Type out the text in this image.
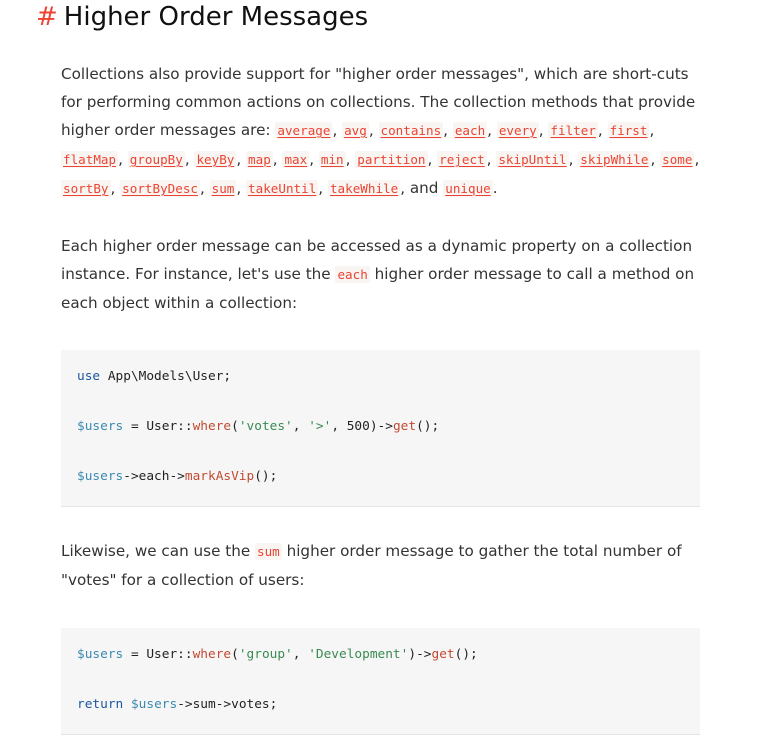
# Higher Order Messages
Collections also provide support for "higher order messages", which are short-cuts for performing common actions on collections. The collection methods that provide higher order messages are: average , avg , contains , each , every , filter , first , flatMap , groupBy , keyBy , map , max , min , partition , reject , skipUntil , skipWhile , some , sortBy , sortByDesc , sum , takeUntil , takeWhile , and unique .
Each higher order message can be accessed as a dynamic property on a collection instance. For instance, let's use the each higher order message to call a method on each object within a collection:
use App\Models\User;
$users = User::where('votes', '>', 500)->get();
$users->each->markAsVip();
Likewise, we can use the sum higher order message to gather the total number of "votes" for a collection of users:
$users = User::where('group', 'Development')->get();
return $users->sum->votes;
